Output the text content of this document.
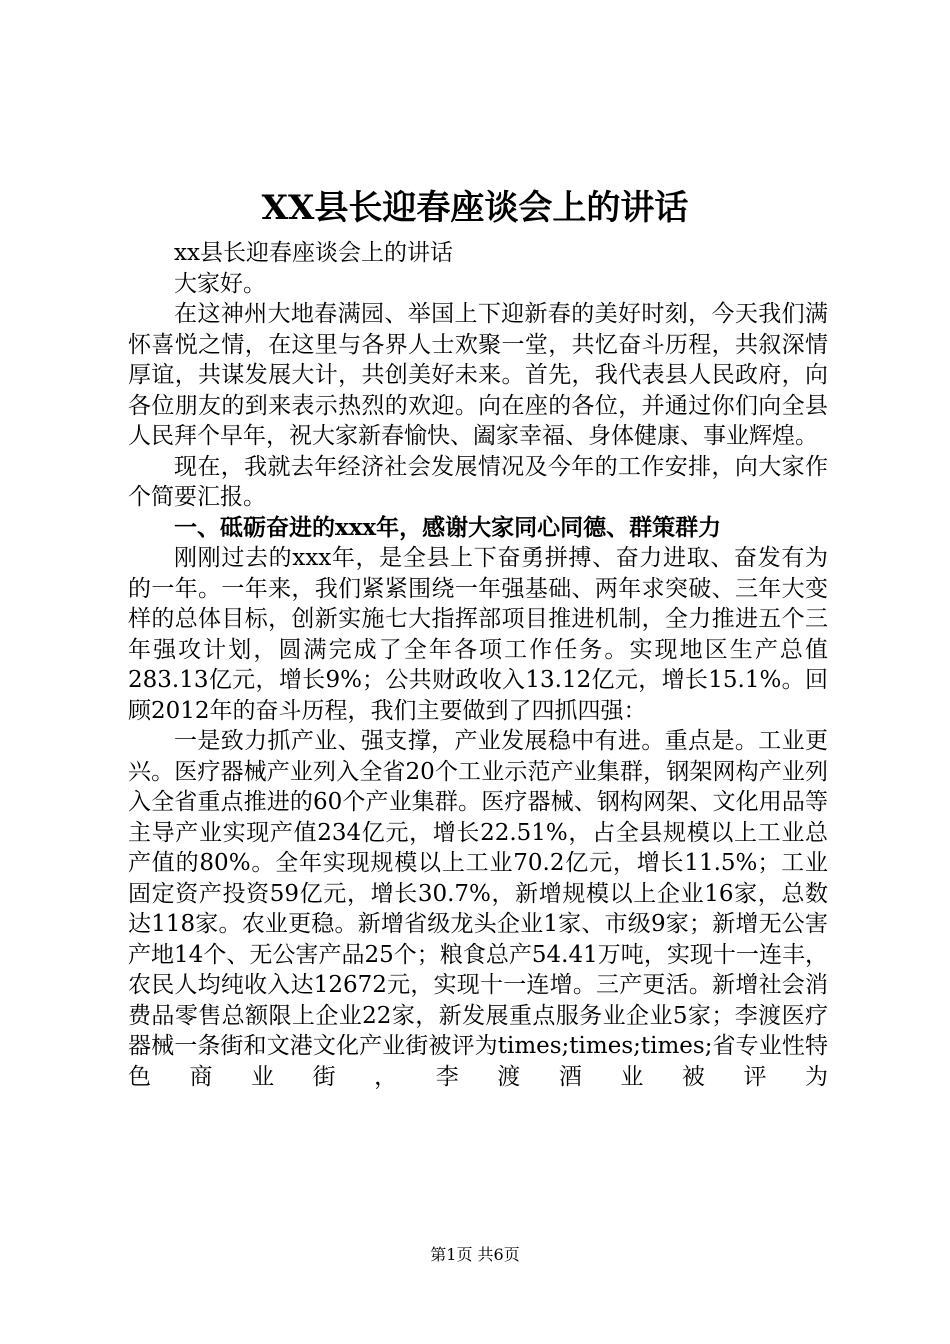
XX县长迎春座谈会上的讲话

xx县长迎春座谈会上的讲话

大家好。

在这神州大地春满园、举国上下迎新春的美好时刻，今天我们满怀喜悦之情，在这里与各界人士欢聚一堂，共忆奋斗历程，共叙深情厚谊，共谋发展大计，共创美好未来。首先，我代表县人民政府，向各位朋友的到来表示热烈的欢迎。向在座的各位，并通过你们向全县人民拜个早年，祝大家新春愉快、阖家幸福、身体健康、事业辉煌。

现在，我就去年经济社会发展情况及今年的工作安排，向大家作个简要汇报。

一、砥砺奋进的xxx年，感谢大家同心同德、群策群力

刚刚过去的xxx年，是全县上下奋勇拼搏、奋力进取、奋发有为的一年。一年来，我们紧紧围绕一年强基础、两年求突破、三年大变样的总体目标，创新实施七大指挥部项目推进机制，全力推进五个三年强攻计划，圆满完成了全年各项工作任务。实现地区生产总值283.13亿元，增长9%；公共财政收入13.12亿元，增长15.1%。回顾2012年的奋斗历程，我们主要做到了四抓四强：

一是致力抓产业、强支撑，产业发展稳中有进。重点是。工业更兴。医疗器械产业列入全省20个工业示范产业集群，钢架网构产业列入全省重点推进的60个产业集群。医疗器械、钢构网架、文化用品等主导产业实现产值234亿元，增长22.51%，占全县规模以上工业总产值的80%。全年实现规模以上工业70.2亿元，增长11.5%；工业固定资产投资59亿元，增长30.7%，新增规模以上企业16家，总数达118家。农业更稳。新增省级龙头企业1家、市级9家；新增无公害产地14个、无公害产品25个；粮食总产54.41万吨，实现十一连丰，农民人均纯收入达12672元，实现十一连增。三产更活。新增社会消费品零售总额限上企业22家，新发展重点服务业企业5家；李渡医疗器械一条街和文港文化产业街被评为times;times;times;省专业性特色商业街，李渡酒业被评为

第1页 共6页
